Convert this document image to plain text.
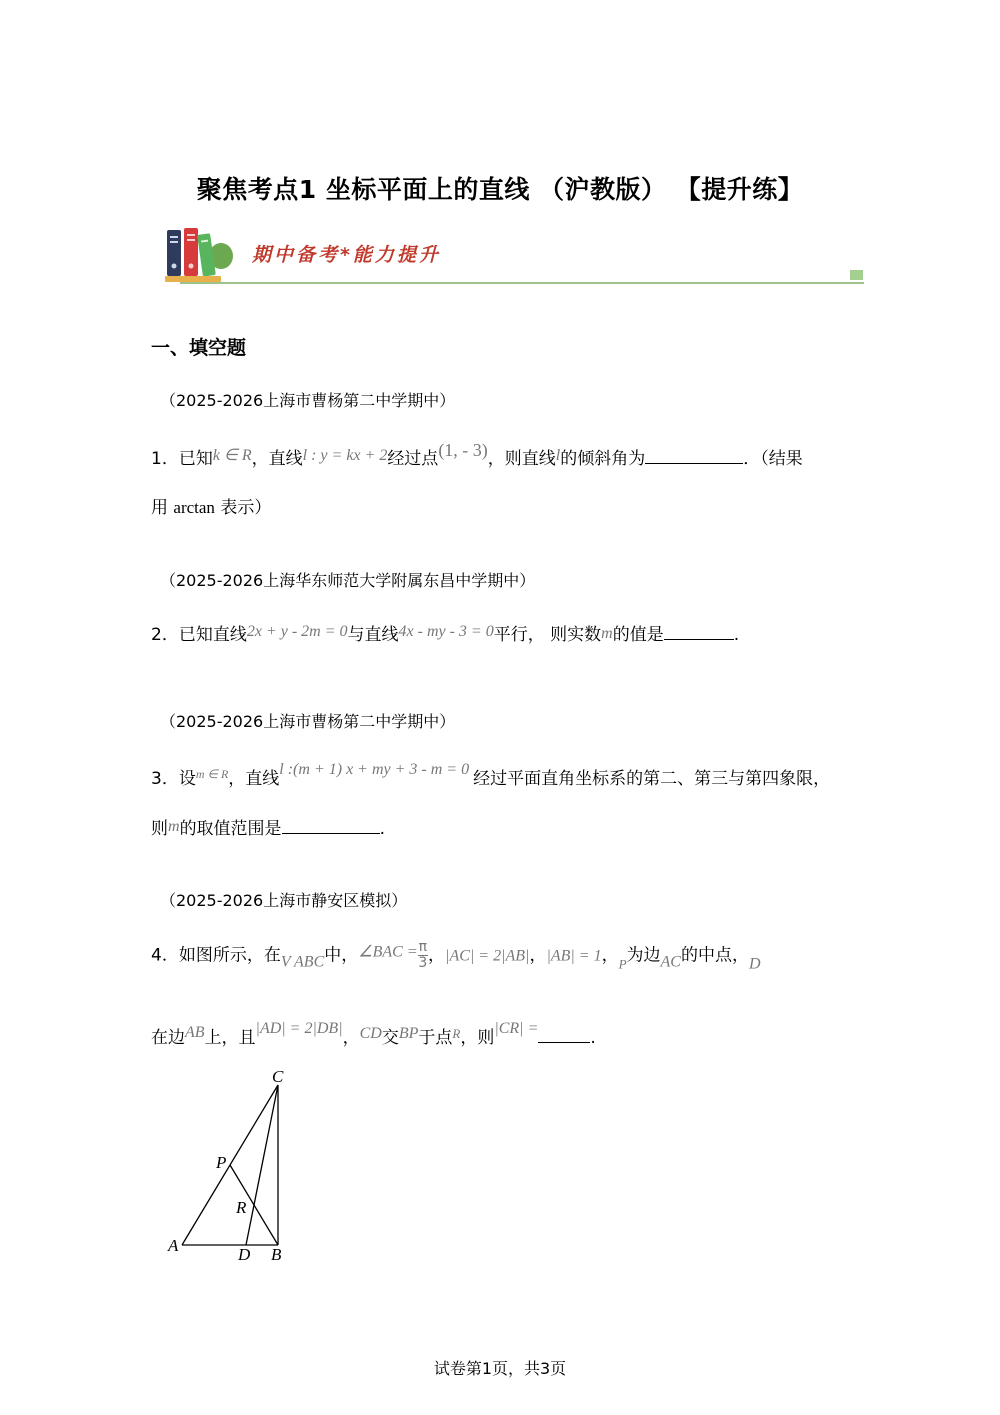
聚焦考点1 坐标平面上的直线 （沪教版） 【提升练】
期中备考*能力提升
一、填空题
（2025-2026上海市曹杨第二中学期中）
1．已知k ∈ R，直线l : y = kx + 2经过点(1, - 3)，则直线l的倾斜角为	．（结果
用 arctan 表示）
（2025-2026上海华东师范大学附属东昌中学期中）
2．已知直线2x + y - 2m = 0与直线4x - my - 3 = 0平行， 则实数m的值是	.
（2025-2026上海市曹杨第二中学期中）
3．设$^{m \in R}$，直线l :(m + 1) x + my + 3 - m = 0 经过平面直角坐标系的第二、第三与第四象限，
则m的取值范围是	.
（2025-2026上海市静安区模拟）
4．如图所示，在V ABC中，∠BAC = $\frac{\pi}{3}$ ，|AC| = 2|AB|，|AB| = 1，$_P$为边AC的中点，D
在边AB上，且|AD| = 2|DB|，CD交BP于点$^R$，则|CR| =	.
C
P
R
A	D B
试卷第1页，共3页
